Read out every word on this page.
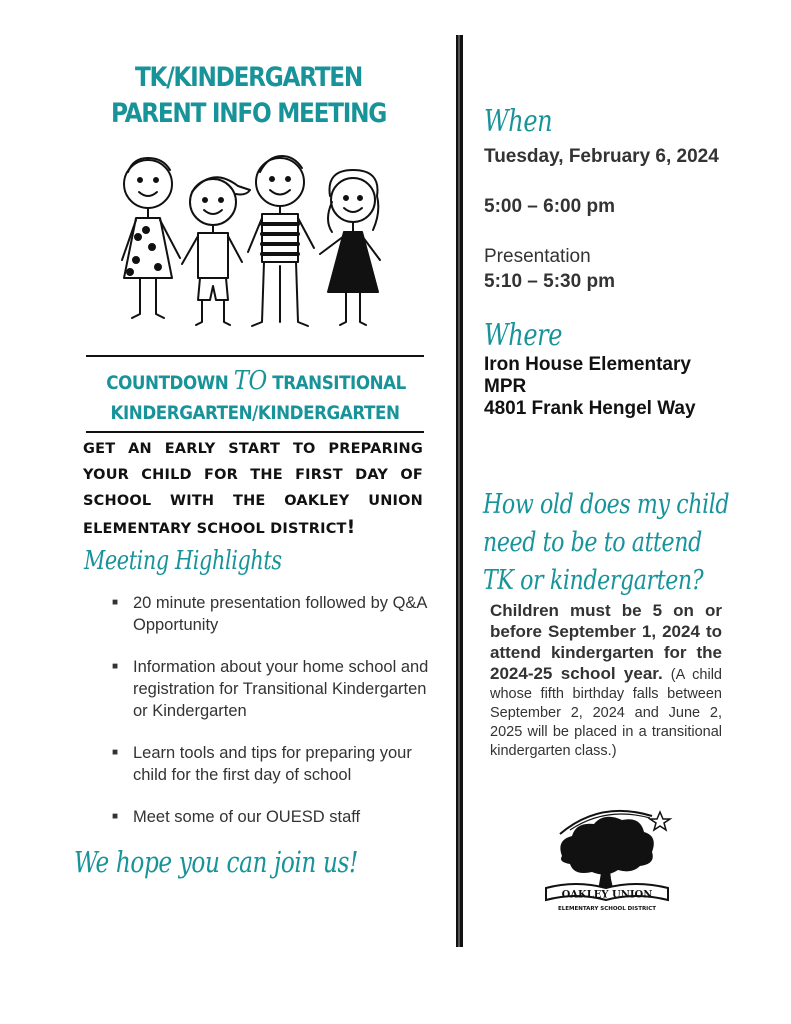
TK/KINDERGARTEN
PARENT INFO MEETING
COUNTDOWN TO TRANSITIONAL
KINDERGARTEN/KINDERGARTEN
GET AN EARLY START TO PREPARING YOUR CHILD FOR THE FIRST DAY OF SCHOOL WITH THE OAKLEY UNION ELEMENTARY SCHOOL DISTRICT!
Meeting Highlights
■ 20 minute presentation followed by Q&A Opportunity
■ Information about your home school and registration for Transitional Kindergarten or Kindergarten
■ Learn tools and tips for preparing your child for the first day of school
■ Meet some of our OUESD staff
We hope you can join us!
When
Tuesday, February 6, 2024
5:00 – 6:00 pm
Presentation
5:10 – 5:30 pm
Where
Iron House Elementary
MPR
4801 Frank Hengel Way
How old does my child need to be to attend TK or kindergarten?
Children must be 5 on or before September 1, 2024 to attend kindergarten for the 2024-25 school year. (A child whose fifth birthday falls between September 2, 2024 and June 2, 2025 will be placed in a transitional kindergarten class.)
OAKLEY UNION
ELEMENTARY SCHOOL DISTRICT
